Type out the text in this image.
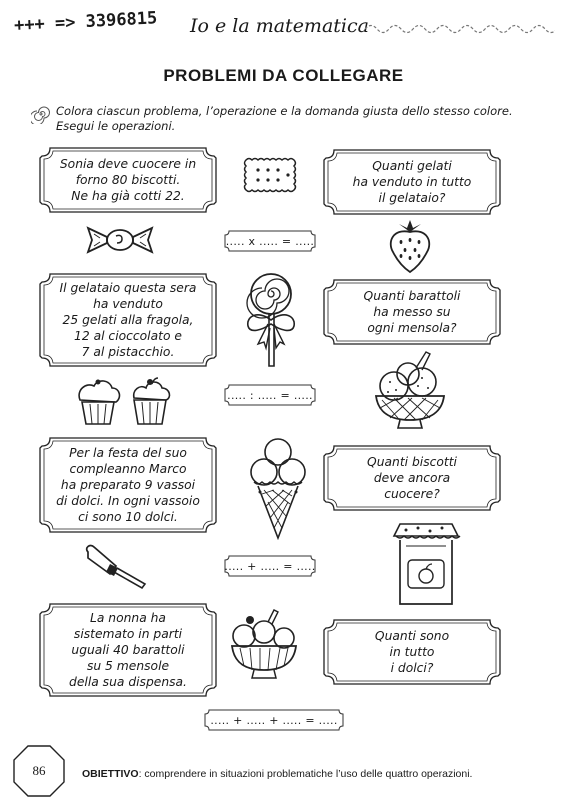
+++ => 3396815 Io e la matematica
PROBLEMI DA COLLEGARE
Colora ciascun problema, l’operazione e la domanda giusta dello stesso colore. Esegui le operazioni.
Sonia deve cuocere in
forno 80 biscotti.
Ne ha già cotti 22.
Il gelataio questa sera
ha venduto
25 gelati alla fragola,
12 al cioccolato e
7 al pistacchio.
Per la festa del suo
compleanno Marco
ha preparato 9 vassoi
di dolci. In ogni vassoio
ci sono 10 dolci.
La nonna ha
sistemato in parti
uguali 40 barattoli
su 5 mensole
della sua dispensa.
Quanti gelati
ha venduto in tutto
il gelataio?
Quanti barattoli
ha messo su
ogni mensola?
Quanti biscotti
deve ancora
cuocere?
Quanti sono
in tutto
i dolci?
..... x ..... = .....
..... : ..... = .....
..... + ..... = .....
..... + ..... + ..... = .....
86	OBIETTIVO: comprendere in situazioni problematiche l’uso delle quattro operazioni.
